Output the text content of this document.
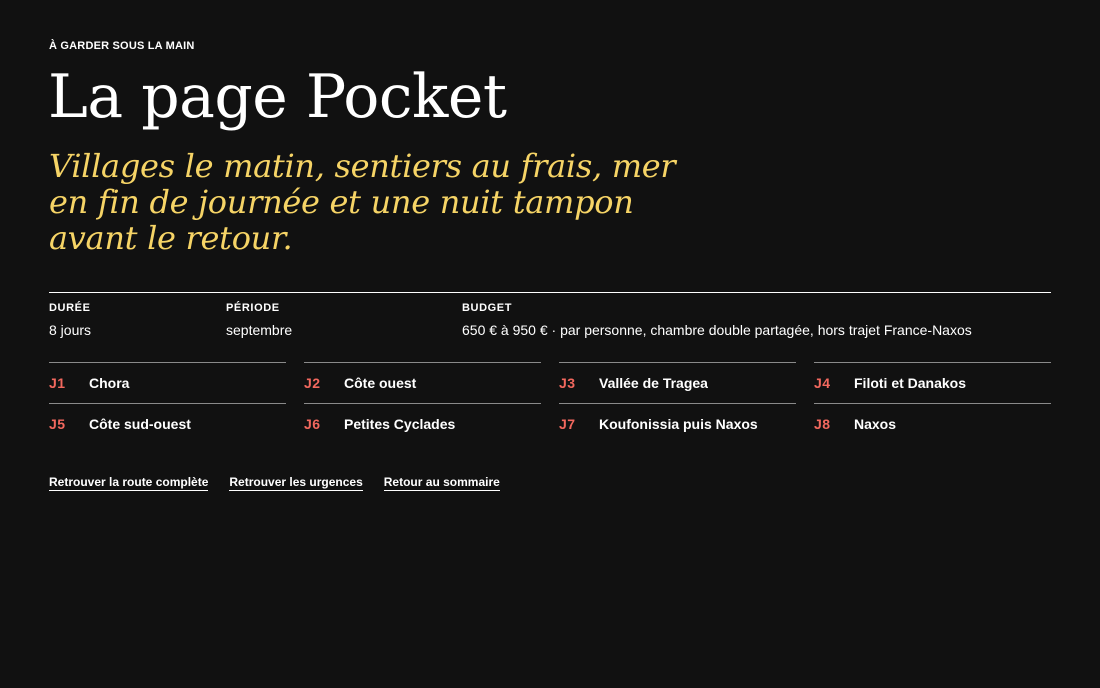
À GARDER SOUS LA MAIN
La page Pocket

Villages le matin, sentiers au frais, mer en fin de journée et une nuit tampon avant le retour.

DURÉE
8 jours
PÉRIODE
septembre
BUDGET
650 € à 950 € · par personne, chambre double partagée, hors trajet France-Naxos
J1 Chora	J2 Côte ouest	J3 Vallée de Tragea	J4 Filoti et Danakos
J5 Côte sud-ouest	J6 Petites Cyclades	J7 Koufonissia puis Naxos	J8 Naxos
Retrouver la route complète Retrouver les urgences Retour au sommaire
